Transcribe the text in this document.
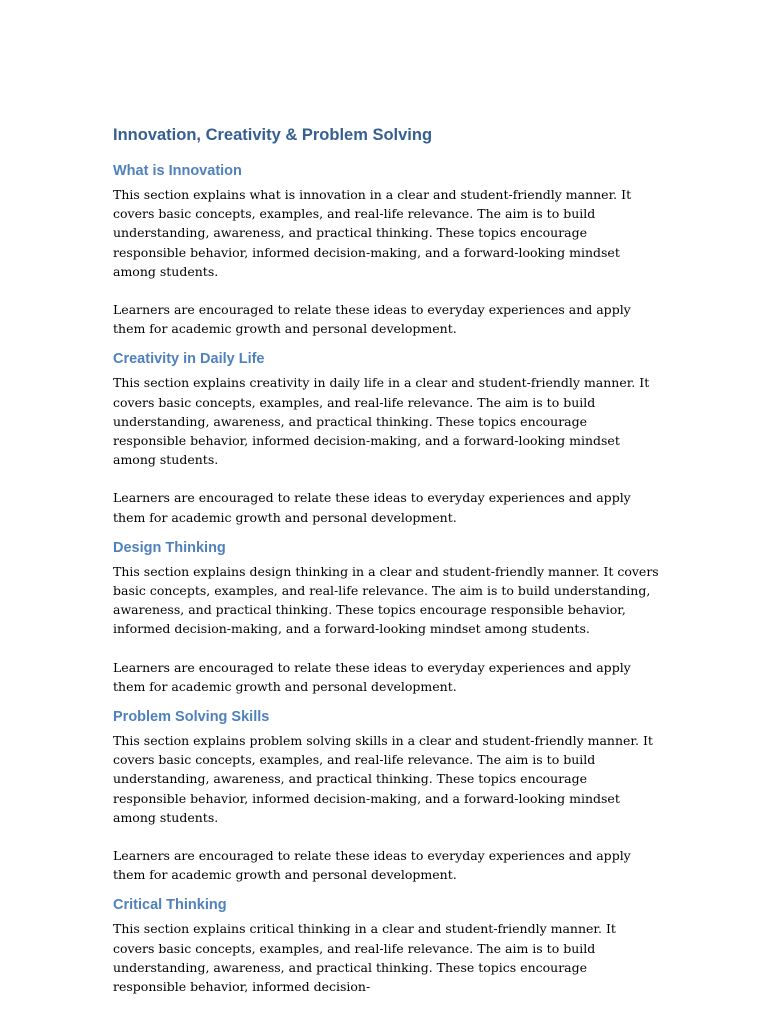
Innovation, Creativity & Problem Solving
What is Innovation

This section explains what is innovation in a clear and student-friendly manner. It covers basic concepts, examples, and real-life relevance. The aim is to build understanding, awareness, and practical thinking. These topics encourage responsible behavior, informed decision-making, and a forward-looking mindset among students.

Learners are encouraged to relate these ideas to everyday experiences and apply them for academic growth and personal development.

Creativity in Daily Life

This section explains creativity in daily life in a clear and student-friendly manner. It covers basic concepts, examples, and real-life relevance. The aim is to build understanding, awareness, and practical thinking. These topics encourage responsible behavior, informed decision-making, and a forward-looking mindset among students.

Learners are encouraged to relate these ideas to everyday experiences and apply them for academic growth and personal development.

Design Thinking

This section explains design thinking in a clear and student-friendly manner. It covers basic concepts, examples, and real-life relevance. The aim is to build understanding, awareness, and practical thinking. These topics encourage responsible behavior, informed decision-making, and a forward-looking mindset among students.

Learners are encouraged to relate these ideas to everyday experiences and apply them for academic growth and personal development.

Problem Solving Skills

This section explains problem solving skills in a clear and student-friendly manner. It covers basic concepts, examples, and real-life relevance. The aim is to build understanding, awareness, and practical thinking. These topics encourage responsible behavior, informed decision-making, and a forward-looking mindset among students.

Learners are encouraged to relate these ideas to everyday experiences and apply them for academic growth and personal development.

Critical Thinking

This section explains critical thinking in a clear and student-friendly manner. It covers basic concepts, examples, and real-life relevance. The aim is to build understanding, awareness, and practical thinking. These topics encourage responsible behavior, informed decision-
